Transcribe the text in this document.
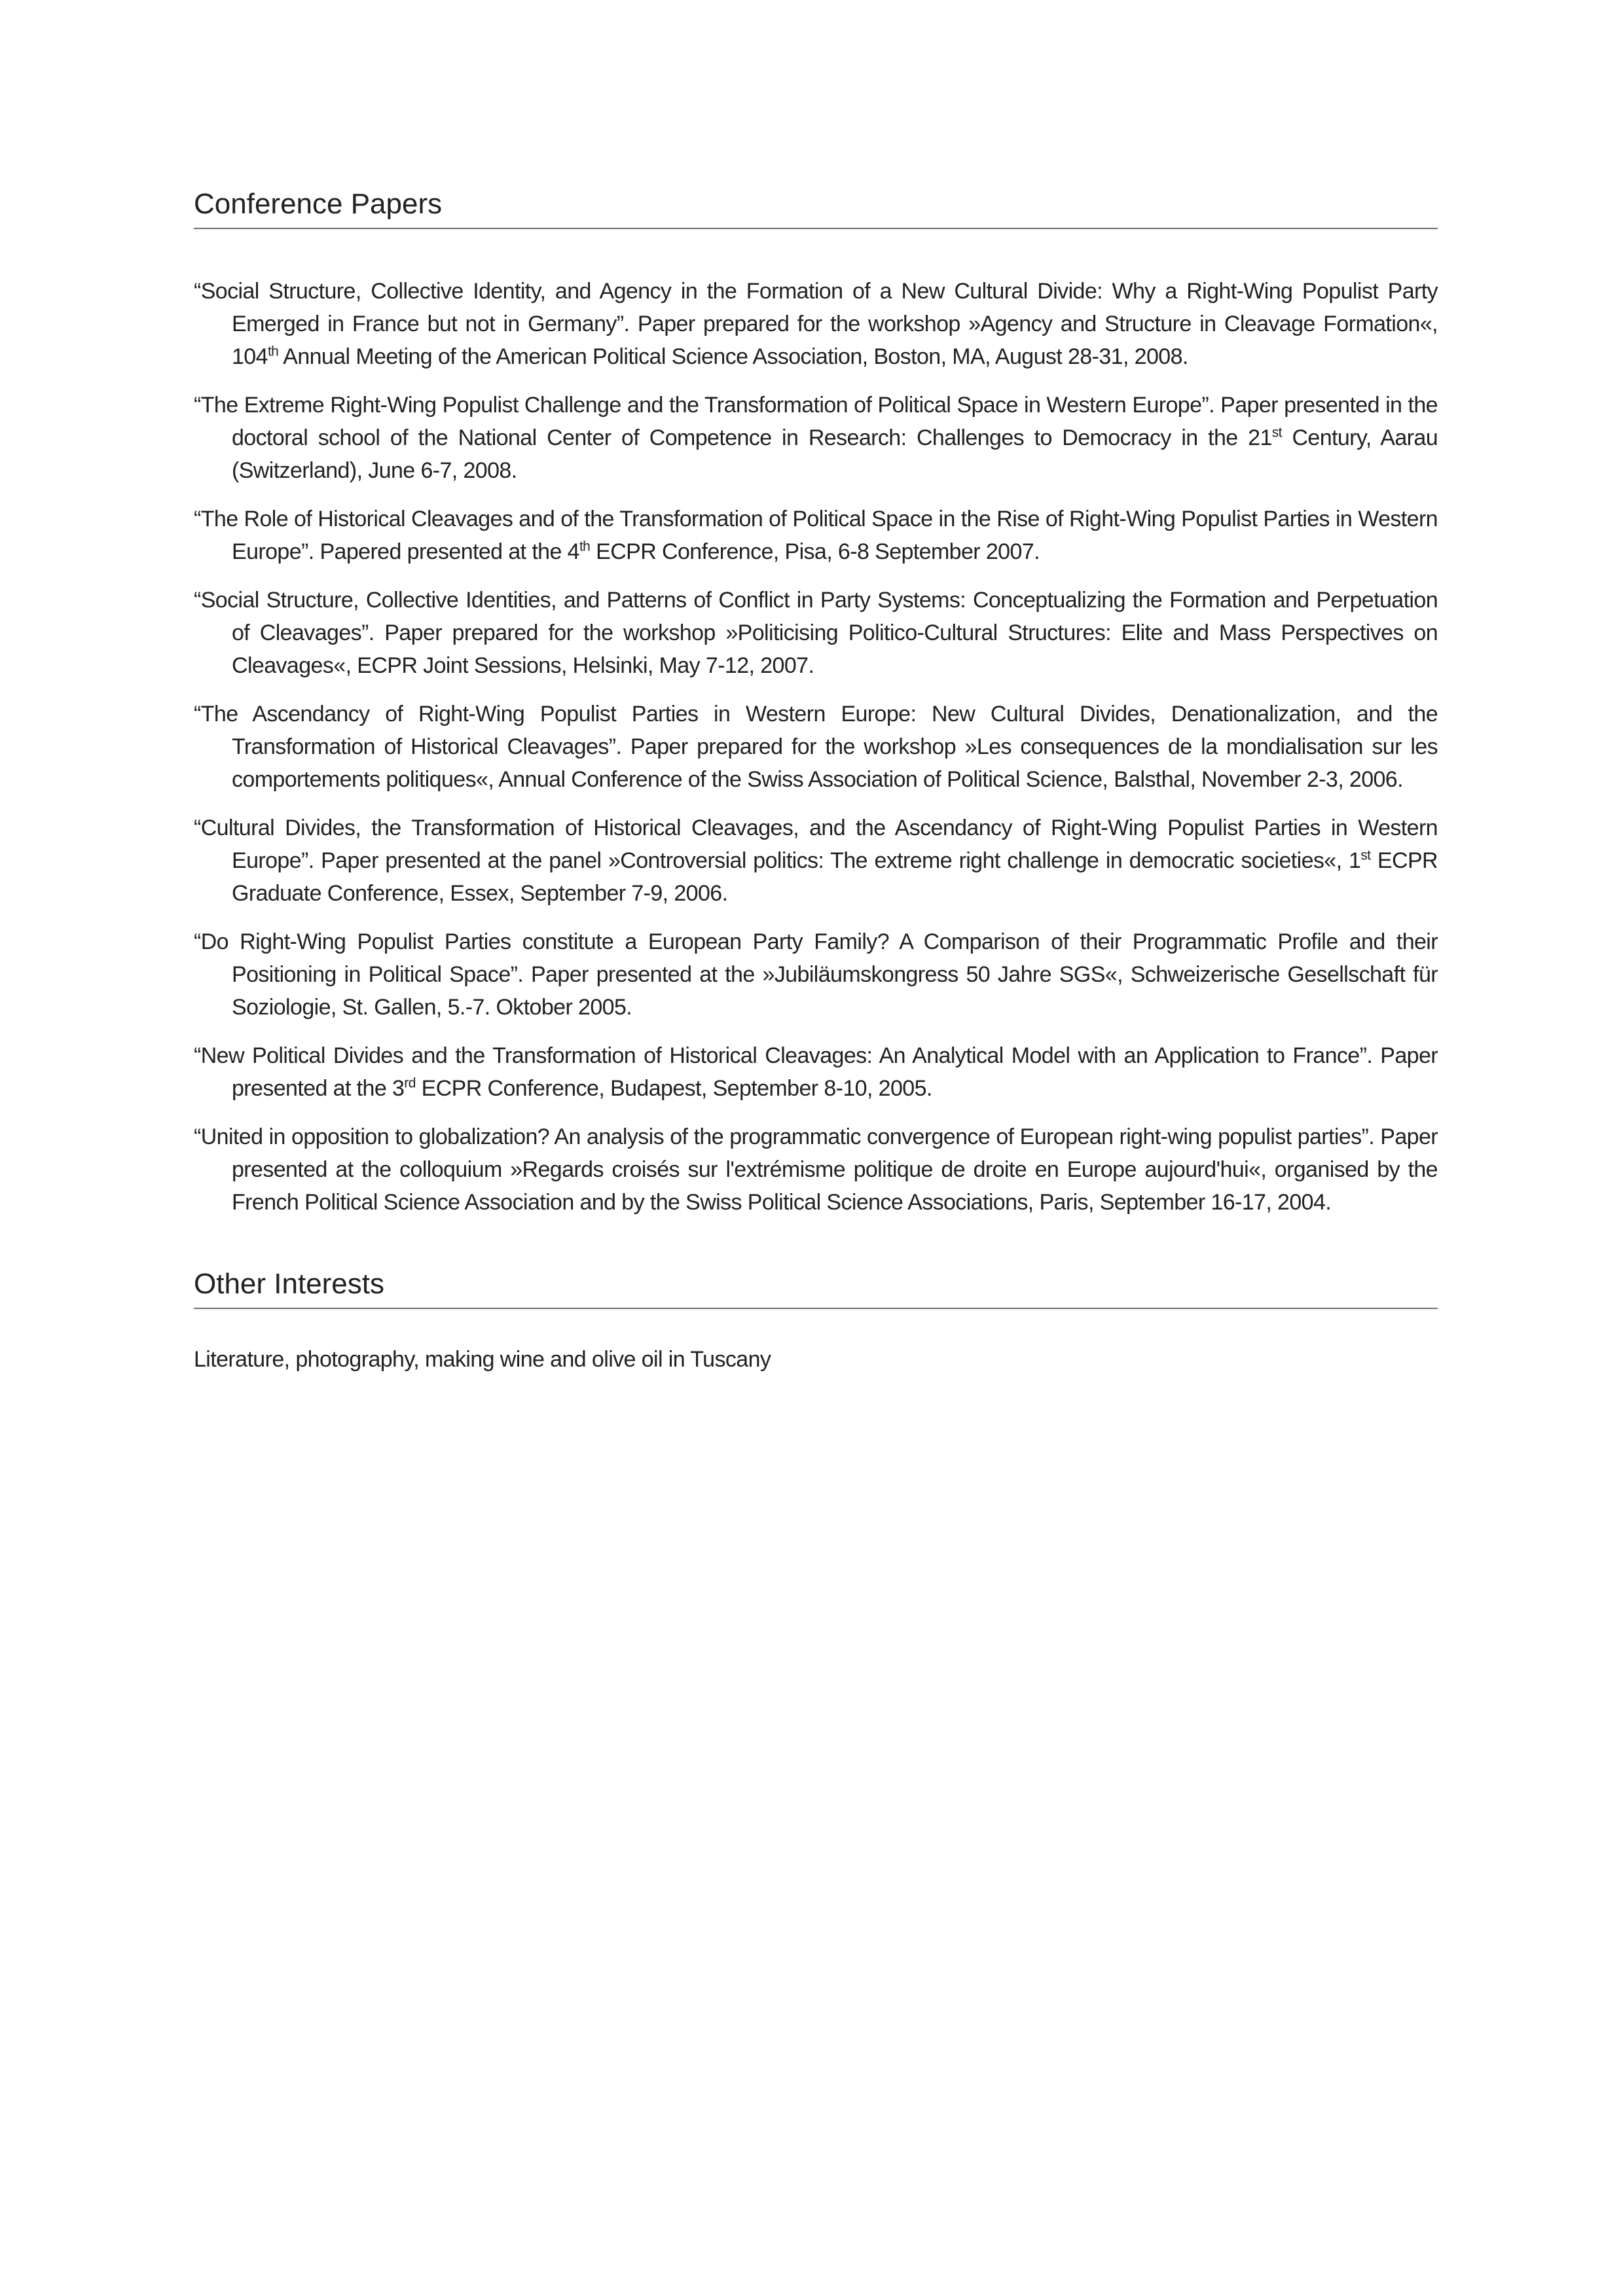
Conference Papers

“Social Structure, Collective Identity, and Agency in the Formation of a New Cultural Divide: Why a Right-Wing Populist Party Emerged in France but not in Germany”. Paper prepared for the workshop »Agency and Structure in Cleavage Formation«, 104th Annual Meeting of the American Political Science Association, Boston, MA, August 28-31, 2008.

“The Extreme Right-Wing Populist Challenge and the Transformation of Political Space in Western Europe”. Paper presented in the doctoral school of the National Center of Competence in Research: Challenges to Democracy in the 21st Century, Aarau (Switzerland), June 6-7, 2008.

“The Role of Historical Cleavages and of the Transformation of Political Space in the Rise of Right-Wing Populist Parties in Western Europe”. Papered presented at the 4th ECPR Conference, Pisa, 6-8 September 2007.

“Social Structure, Collective Identities, and Patterns of Conflict in Party Systems: Conceptualizing the Formation and Perpetuation of Cleavages”. Paper prepared for the workshop »Politicising Politico-Cultural Structures: Elite and Mass Perspectives on Cleavages«, ECPR Joint Sessions, Helsinki, May 7-12, 2007.

“The Ascendancy of Right-Wing Populist Parties in Western Europe: New Cultural Divides, Denationalization, and the Transformation of Historical Cleavages”. Paper prepared for the workshop »Les consequences de la mondialisation sur les comportements politiques«, Annual Conference of the Swiss Association of Political Science, Balsthal, November 2-3, 2006.

“Cultural Divides, the Transformation of Historical Cleavages, and the Ascendancy of Right-Wing Populist Parties in Western Europe”. Paper presented at the panel »Controversial politics: The extreme right challenge in democratic societies«, 1st ECPR Graduate Conference, Essex, September 7-9, 2006.

“Do Right-Wing Populist Parties constitute a European Party Family? A Comparison of their Programmatic Profile and their Positioning in Political Space”. Paper presented at the »Jubiläumskongress 50 Jahre SGS«, Schweizerische Gesellschaft für Soziologie, St. Gallen, 5.-7. Oktober 2005.

“New Political Divides and the Transformation of Historical Cleavages: An Analytical Model with an Application to France”. Paper presented at the 3rd ECPR Conference, Budapest, September 8-10, 2005.

“United in opposition to globalization? An analysis of the programmatic convergence of European right-wing populist parties”. Paper presented at the colloquium »Regards croisés sur l'extrémisme politique de droite en Europe aujourd'hui«, organised by the French Political Science Association and by the Swiss Political Science Associations, Paris, September 16-17, 2004.

Other Interests

Literature, photography, making wine and olive oil in Tuscany
